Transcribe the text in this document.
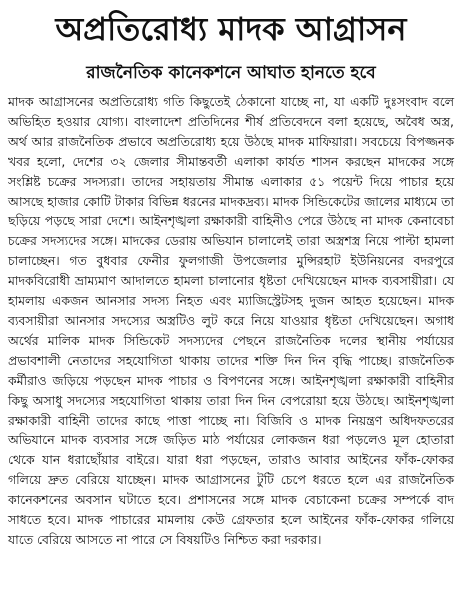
অপ্রতিরোধ্য মাদক আগ্রাসন
রাজনৈতিক কানেকশনে আঘাত হানতে হবে

মাদক আগ্রাসনের অপ্রতিরোধ্য গতি কিছুতেই ঠেকানো যাচ্ছে না, যা একটি দুঃসংবাদ বলে অভিহিত হওয়ার যোগ্য। বাংলাদেশ প্রতিদিনের শীর্ষ প্রতিবেদনে বলা হয়েছে, অবৈধ অস্ত্র, অর্থ আর রাজনৈতিক প্রভাবে অপ্রতিরোধ্য হয়ে উঠছে মাদক মাফিয়ারা। সবচেয়ে বিপজ্জনক খবর হলো, দেশের ৩২ জেলার সীমান্তবর্তী এলাকা কার্যত শাসন করছেন মাদকের সঙ্গে সংশ্লিষ্ট চক্রের সদস্যরা। তাদের সহায়তায় সীমান্ত এলাকার ৫১ পয়েন্ট দিয়ে পাচার হয়ে আসছে হাজার কোটি টাকার বিভিন্ন ধরনের মাদকদ্রব্য। মাদক সিন্ডিকেটের জালের মাধ্যমে তা ছড়িয়ে পড়ছে সারা দেশে। আইনশৃঙ্খলা রক্ষাকারী বাহিনীও পেরে উঠছে না মাদক কেনাবেচা চক্রের সদস্যদের সঙ্গে। মাদকের ডেরায় অভিযান চালালেই তারা অস্ত্রশস্ত্র নিয়ে পাল্টা হামলা চালাচ্ছেন। গত বুধবার ফেনীর ফুলগাজী উপজেলার মুন্সিরহাট ইউনিয়নের বদরপুরে মাদকবিরোধী ভ্রাম্যমাণ আদালতে হামলা চালানোর ধৃষ্টতা দেখিয়েছেন মাদক ব্যবসায়ীরা। যে হামলায় একজন আনসার সদস্য নিহত এবং ম্যাজিস্ট্রেটসহ দুজন আহত হয়েছেন। মাদক ব্যবসায়ীরা আনসার সদস্যের অস্ত্রটিও লুট করে নিয়ে যাওয়ার ধৃষ্টতা দেখিয়েছেন। অগাধ অর্থের মালিক মাদক সিন্ডিকেট সদস্যদের পেছনে রাজনৈতিক দলের স্থানীয় পর্যায়ের প্রভাবশালী নেতাদের সহযোগিতা থাকায় তাদের শক্তি দিন দিন বৃদ্ধি পাচ্ছে। রাজনৈতিক কর্মীরাও জড়িয়ে পড়ছেন মাদক পাচার ও বিপণনের সঙ্গে। আইনশৃঙ্খলা রক্ষাকারী বাহিনীর কিছু অসাধু সদস্যের সহযোগিতা থাকায় তারা দিন দিন বেপরোয়া হয়ে উঠছে। আইনশৃঙ্খলা রক্ষাকারী বাহিনী তাদের কাছে পাত্তা পাচ্ছে না। বিজিবি ও মাদক নিয়ন্ত্রণ অধিদফতরের অভিযানে মাদক ব্যবসার সঙ্গে জড়িত মাঠ পর্যায়ের লোকজন ধরা পড়লেও মূল হোতারা থেকে যান ধরাছোঁয়ার বাইরে। যারা ধরা পড়ছেন, তারাও আবার আইনের ফাঁক-ফোকর গলিয়ে দ্রুত বেরিয়ে যাচ্ছেন। মাদক আগ্রাসনের টুটি চেপে ধরতে হলে এর রাজনৈতিক কানেকশনের অবসান ঘটাতে হবে। প্রশাসনের সঙ্গে মাদক বেচাকেনা চক্রের সম্পর্কে বাদ সাধতে হবে। মাদক পাচারের মামলায় কেউ গ্রেফতার হলে আইনের ফাঁক-ফোকর গলিয়ে যাতে বেরিয়ে আসতে না পারে সে বিষয়টিও নিশ্চিত করা দরকার।
